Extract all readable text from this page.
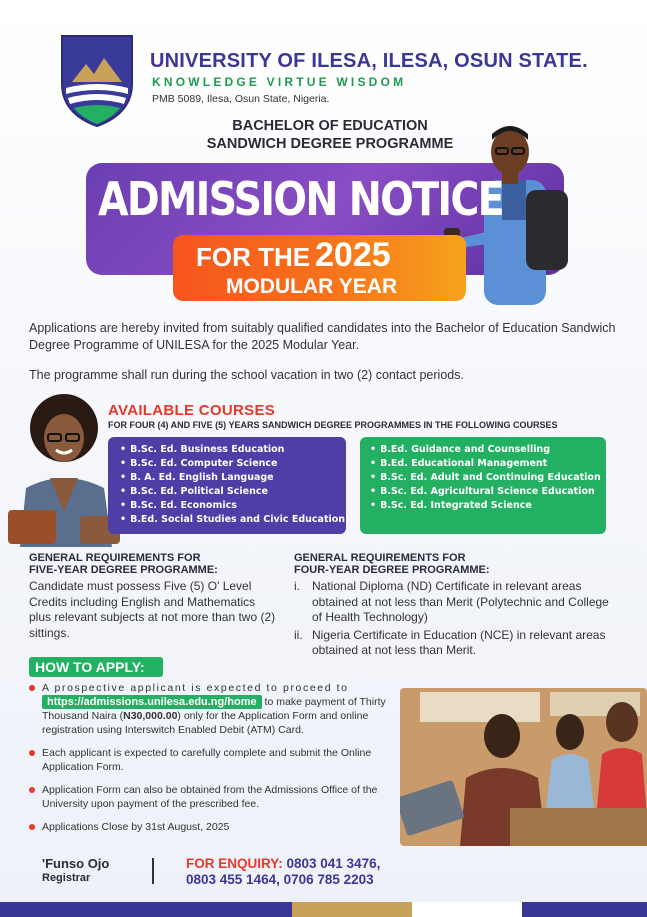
UNIVERSITY OF ILESA, ILESA, OSUN STATE.
KNOWLEDGE VIRTUE WISDOM
PMB 5089, Ilesa, Osun State, Nigeria.
BACHELOR OF EDUCATION
SANDWICH DEGREE PROGRAMME
ADMISSION NOTICE
FOR THE 2025
MODULAR YEAR

Applications are hereby invited from suitably qualified candidates into the Bachelor of Education Sandwich Degree Programme of UNILESA for the 2025 Modular Year.

The programme shall run during the school vacation in two (2) contact periods.

AVAILABLE COURSES
FOR FOUR (4) AND FIVE (5) YEARS SANDWICH DEGREE PROGRAMMES IN THE FOLLOWING COURSES
• B.Sc. Ed. Business Education
• B.Sc. Ed. Computer Science
• B. A. Ed. English Language
• B.Sc. Ed. Political Science
• B.Sc. Ed. Economics
• B.Ed. Social Studies and Civic Education
• B.Ed. Guidance and Counselling
• B.Ed. Educational Management
• B.Sc. Ed. Adult and Continuing Education
• B.Sc. Ed. Agricultural Science Education
• B.Sc. Ed. Integrated Science
GENERAL REQUIREMENTS FOR
FIVE-YEAR DEGREE PROGRAMME:

Candidate must possess Five (5) O' Level Credits including English and Mathematics plus relevant subjects at not more than two (2) sittings.

GENERAL REQUIREMENTS FOR
FOUR-YEAR DEGREE PROGRAMME:
i.	National Diploma (ND) Certificate in relevant areas obtained at not less than Merit (Polytechnic and College of Health Technology)
ii. Nigeria Certificate in Education (NCE) in relevant areas obtained at not less than Merit.
HOW TO APPLY:

A prospective applicant is expected to proceed to
https://admissions.unilesa.edu.ng/home to make payment of Thirty Thousand Naira (N30,000.00) only for the Application Form and online registration using Interswitch Enabled Debit (ATM) Card.

Each applicant is expected to carefully complete and submit the Online Application Form.

Application Form can also be obtained from the Admissions Office of the University upon payment of the prescribed fee.

Applications Close by 31st August, 2025

'Funso Ojo
Registrar
FOR ENQUIRY: 0803 041 3476,
0803 455 1464, 0706 785 2203
